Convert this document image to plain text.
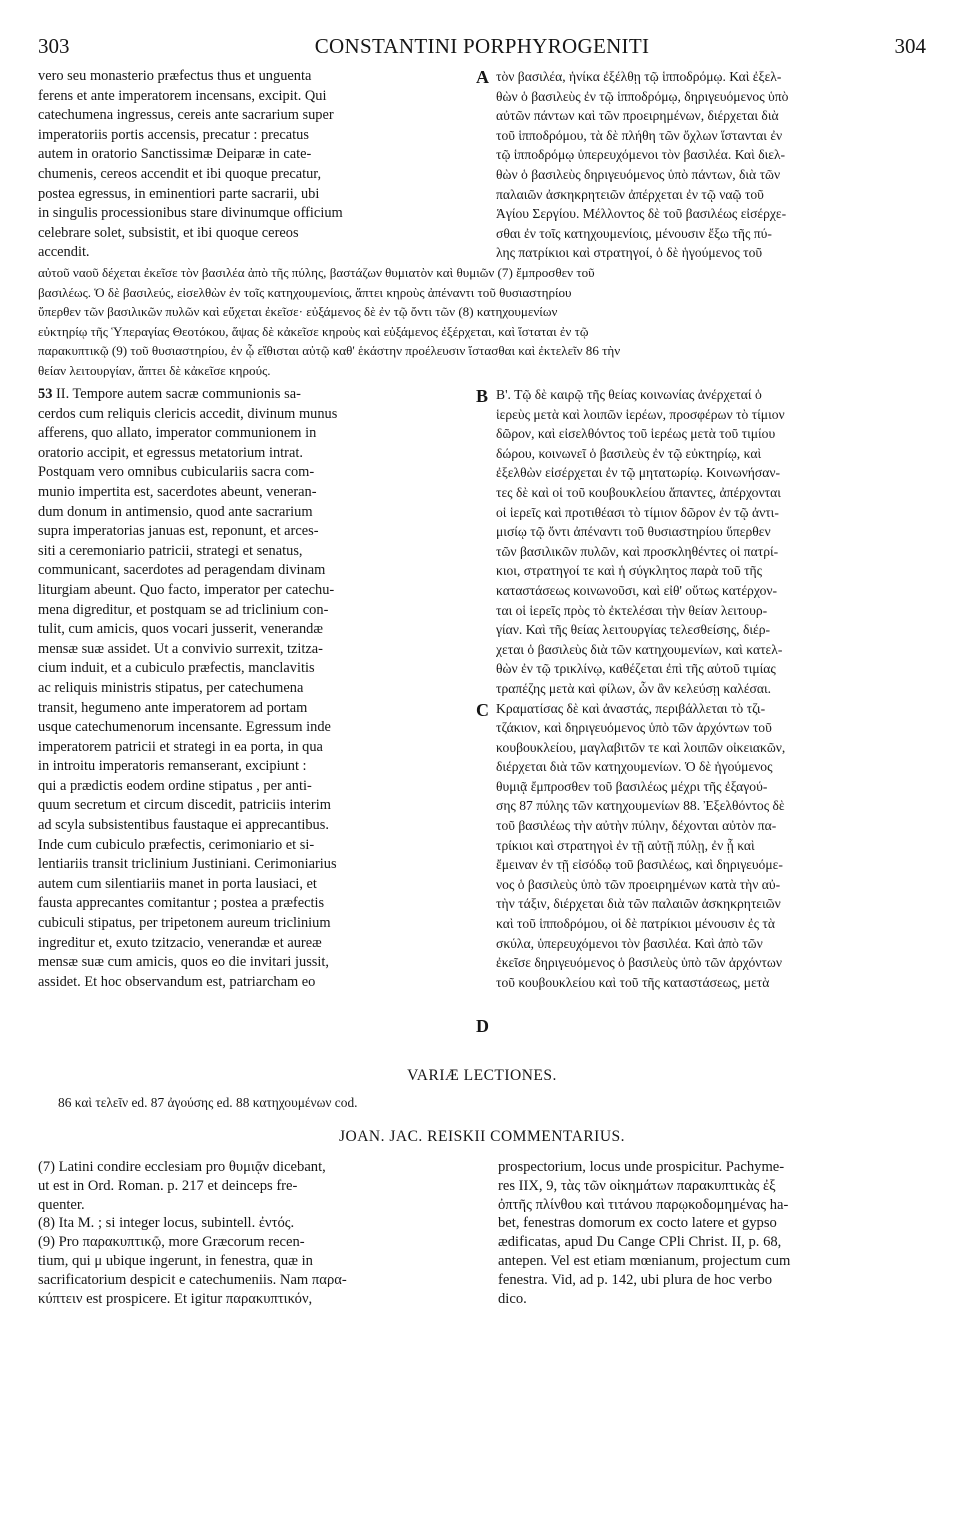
303	CONSTANTINI PORPHYROGENITI	304
vero seu monasterio præfectus thus et unguenta
ferens et ante imperatorem incensans, excipit. Qui
catechumena ingressus, cereis ante sacrarium super
imperatoriis portis accensis, precatur : precatus
autem in oratorio Sanctissimæ Deiparæ in cate-
chumenis, cereos accendit et ibi quoque precatur,
postea egressus, in eminentiori parte sacrarii, ubi
in singulis processionibus stare divinumque officium
celebrare solet, subsistit, et ibi quoque cereos
accendit.
τὸν βασιλέα, ἡνίκα ἐξέλθῃ τῷ ἱπποδρόμῳ. Καὶ ἐξελ-
θὼν ὁ βασιλεὺς ἐν τῷ ἱπποδρόμῳ, δηριγευόμενος ὑπὸ
αὐτῶν πάντων καὶ τῶν προειρημένων, διέρχεται διὰ
τοῦ ἱπποδρόμου, τὰ δὲ πλήθη τῶν ὄχλων ἵστανται ἐν
τῷ ἱπποδρόμῳ ὑπερευχόμενοι τὸν βασιλέα. Καὶ διελ-
θὼν ὁ βασιλεὺς δηριγευόμενος ὑπὸ πάντων, διὰ τῶν
παλαιῶν ἀσκηκρητειῶν ἀπέρχεται ἐν τῷ ναῷ τοῦ
Ἁγίου Σεργίου. Μέλλοντος δὲ τοῦ βασιλέως εἰσέρχε-
σθαι ἐν τοῖς κατηχουμενίοις, μένουσιν ἔξω τῆς πύ-
λης πατρίκιοι καὶ στρατηγοί, ὁ δὲ ἡγούμενος τοῦ
A
αὐτοῦ ναοῦ δέχεται ἐκεῖσε τὸν βασιλέα ἀπὸ τῆς πύλης, βαστάζων θυμιατὸν καὶ θυμιῶν (7) ἔμπροσθεν τοῦ
βασιλέως. Ὁ δὲ βασιλεύς, εἰσελθὼν ἐν τοῖς κατηχουμενίοις, ἅπτει κηροὺς ἀπέναντι τοῦ θυσιαστηρίου
ὕπερθεν τῶν βασιλικῶν πυλῶν καὶ εὔχεται ἐκεῖσε· εὐξάμενος δὲ ἐν τῷ ὄντι τῶν (8) κατηχουμενίων
εὐκτηρίῳ τῆς Ὑπεραγίας Θεοτόκου, ἅψας δὲ κἀκεῖσε κηροὺς καὶ εὐξάμενος ἐξέρχεται, καὶ ἵσταται ἐν τῷ
παρακυπτικῷ (9) τοῦ θυσιαστηρίου, ἐν ᾧ εἴθισται αὐτῷ καθ' ἑκάστην προέλευσιν ἵστασθαι καὶ ἐκτελεῖν 86 τὴν
θείαν λειτουργίαν, ἅπτει δὲ κἀκεῖσε κηρούς.
53 II. Tempore autem sacræ communionis sa-
cerdos cum reliquis clericis accedit, divinum munus
afferens, quo allato, imperator communionem in
oratorio accipit, et egressus metatorium intrat.
Postquam vero omnibus cubiculariis sacra com-
munio impertita est, sacerdotes abeunt, veneran-
dum donum in antimensio, quod ante sacrarium
supra imperatorias januas est, reponunt, et arces-
siti a ceremoniario patricii, strategi et senatus,
communicant, sacerdotes ad peragendam divinam
liturgiam abeunt. Quo facto, imperator per catechu-
mena digreditur, et postquam se ad triclinium con-
tulit, cum amicis, quos vocari jusserit, venerandæ
mensæ suæ assidet. Ut a convivio surrexit, tzitza-
cium induit, et a cubiculo præfectis, manclavitis
ac reliquis ministris stipatus, per catechumena
transit, hegumeno ante imperatorem ad portam
usque catechumenorum incensante. Egressum inde
imperatorem patricii et strategi in ea porta, in qua
in introitu imperatoris remanserant, excipiunt :
qui a prædictis eodem ordine stipatus , per anti-
quum secretum et circum discedit, patriciis interim
ad scyla subsistentibus faustaque ei apprecantibus.
Inde cum cubiculo præfectis, cerimoniario et si-
lentiariis transit triclinium Justiniani. Cerimoniarius
autem cum silentiariis manet in porta lausiaci, et
fausta apprecantes comitantur ; postea a præfectis
cubiculi stipatus, per tripetonem aureum triclinium
ingreditur et, exuto tzitzacio, venerandæ et aureæ
mensæ suæ cum amicis, quos eo die invitari jussit,
assidet. Et hoc observandum est, patriarcham eo
Β'. Τῷ δὲ καιρῷ τῆς θείας κοινωνίας ἀνέρχεταί ὁ
ἱερεὺς μετὰ καὶ λοιπῶν ἱερέων, προσφέρων τὸ τίμιον
δῶρον, καὶ εἰσελθόντος τοῦ ἱερέως μετὰ τοῦ τιμίου
δώρου, κοινωνεῖ ὁ βασιλεὺς ἐν τῷ εὐκτηρίῳ, καὶ
ἐξελθὼν εἰσέρχεται ἐν τῷ μητατωρίῳ. Κοινωνήσαν-
τες δὲ καὶ οἱ τοῦ κουβουκλείου ἅπαντες, ἀπέρχονται
οἱ ἱερεῖς καὶ προτιθέασι τὸ τίμιον δῶρον ἐν τῷ ἀντι-
μισίῳ τῷ ὄντι ἀπέναντι τοῦ θυσιαστηρίου ὕπερθεν
τῶν βασιλικῶν πυλῶν, καὶ προσκληθέντες οἱ πατρί-
κιοι, στρατηγοί τε καὶ ἡ σύγκλητος παρὰ τοῦ τῆς
καταστάσεως κοινωνοῦσι, καὶ εἰθ' οὕτως κατέρχον-
ται οἱ ἱερεῖς πρὸς τὸ ἐκτελέσαι τὴν θείαν λειτουρ-
γίαν. Καὶ τῆς θείας λειτουργίας τελεσθείσης, διέρ-
χεται ὁ βασιλεὺς διὰ τῶν κατηχουμενίων, καὶ κατελ-
θὼν ἐν τῷ τρικλίνῳ, καθέζεται ἐπὶ τῆς αὐτοῦ τιμίας
τραπέζης μετὰ καὶ φίλων, ὧν ἂν κελεύσῃ καλέσαι.
Κραματίσας δὲ καὶ ἀναστάς, περιβάλλεται τὸ τζι-
τζάκιον, καὶ δηριγευόμενος ὑπὸ τῶν ἀρχόντων τοῦ
κουβουκλείου, μαγλαβιτῶν τε καὶ λοιπῶν οἰκειακῶν,
διέρχεται διὰ τῶν κατηχουμενίων. Ὁ δὲ ἡγούμενος
θυμιᾷ ἔμπροσθεν τοῦ βασιλέως μέχρι τῆς ἐξαγού-
σης 87 πύλης τῶν κατηχουμενίων 88. Ἐξελθόντος δὲ
τοῦ βασιλέως τὴν αὐτὴν πύλην, δέχονται αὐτὸν πα-
τρίκιοι καὶ στρατηγοὶ ἐν τῇ αὐτῇ πύλῃ, ἐν ᾗ καὶ
ἔμειναν ἐν τῇ εἰσόδῳ τοῦ βασιλέως, καὶ δηριγευόμε-
νος ὁ βασιλεὺς ὑπὸ τῶν προειρημένων κατὰ τὴν αὐ-
τὴν τάξιν, διέρχεται διὰ τῶν παλαιῶν ἀσκηκρητειῶν
καὶ τοῦ ἱπποδρόμου, οἱ δὲ πατρίκιοι μένουσιν ἐς τὰ
σκύλα, ὑπερευχόμενοι τὸν βασιλέα. Καὶ ἀπὸ τῶν
ἐκεῖσε δηριγευόμενος ὁ βασιλεὺς ὑπὸ τῶν ἀρχόντων
τοῦ κουβουκλείου καὶ τοῦ τῆς καταστάσεως, μετὰ
B
C
D
VARIÆ LECTIONES.
86 καὶ τελεῖν ed. 87 ἀγούσης ed. 88 κατηχουμένων cod.
JOAN. JAC. REISKII COMMENTARIUS.
(7) Latini condire ecclesiam pro θυμιᾷν dicebant,
ut est in Ord. Roman. p. 217 et deinceps fre-
quenter.
(8) Ita M. ; si integer locus, subintell. ἐντός.
(9) Pro παρακυπτικῷ, more Græcorum recen-
tium, qui μ ubique ingerunt, in fenestra, quæ in
sacrificatorium despicit e catechumeniis. Nam παρα-
κύπτειν est prospicere. Et igitur παρακυπτικόν,
prospectorium, locus unde prospicitur. Pachyme-
res IIX, 9, τὰς τῶν οἰκημάτων παρακυπτικὰς ἐξ
ὀπτῆς πλίνθου καὶ τιτάνου παρῳκοδομημένας ha-
bet, fenestras domorum ex cocto latere et gypso
ædificatas, apud Du Cange CPli Christ. II, p. 68,
antepen. Vel est etiam mœnianum, projectum cum
fenestra. Vid, ad p. 142, ubi plura de hoc verbo
dico.
